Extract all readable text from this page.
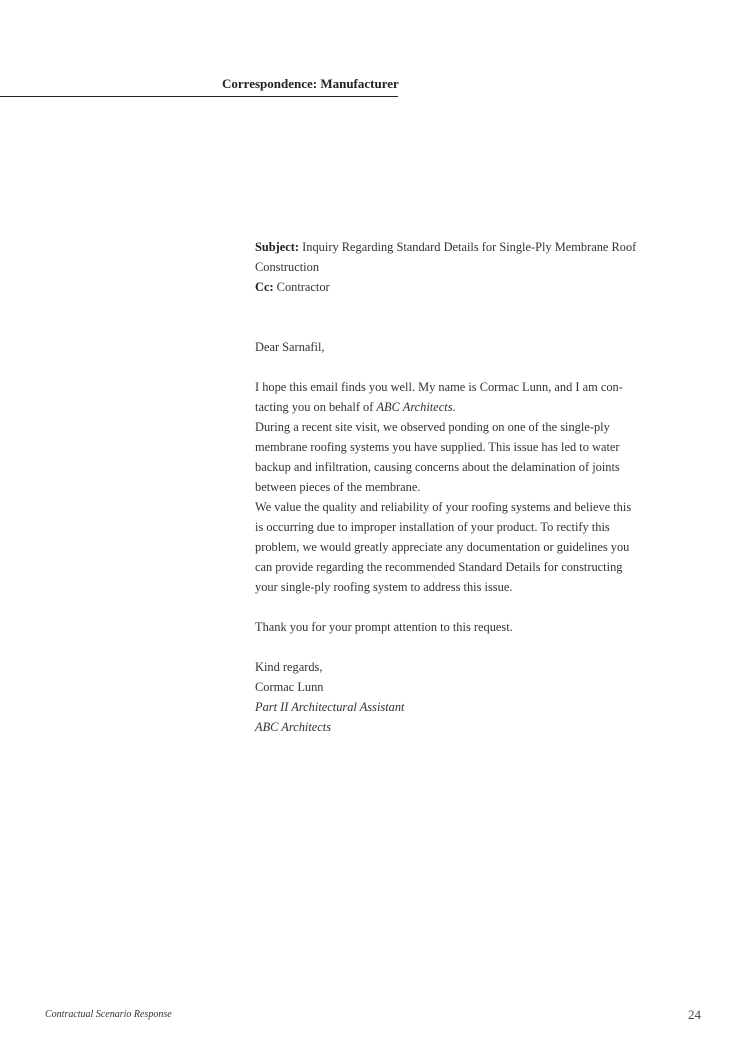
Correspondence: Manufacturer

Subject: Inquiry Regarding Standard Details for Single-Ply Membrane Roof Construction

Cc: Contractor

Dear Sarnafil,

I hope this email finds you well. My name is Cormac Lunn, and I am con-tacting you on behalf of ABC Architects.

During a recent site visit, we observed ponding on one of the single-ply membrane roofing systems you have supplied. This issue has led to water backup and infiltration, causing concerns about the delamination of joints between pieces of the membrane.

We value the quality and reliability of your roofing systems and believe this is occurring due to improper installation of your product. To rectify this problem, we would greatly appreciate any documentation or guidelines you can provide regarding the recommended Standard Details for constructing your single-ply roofing system to address this issue.

Thank you for your prompt attention to this request.

Kind regards,

Cormac Lunn

Part II Architectural Assistant

ABC Architects

Contractual Scenario Response	24
